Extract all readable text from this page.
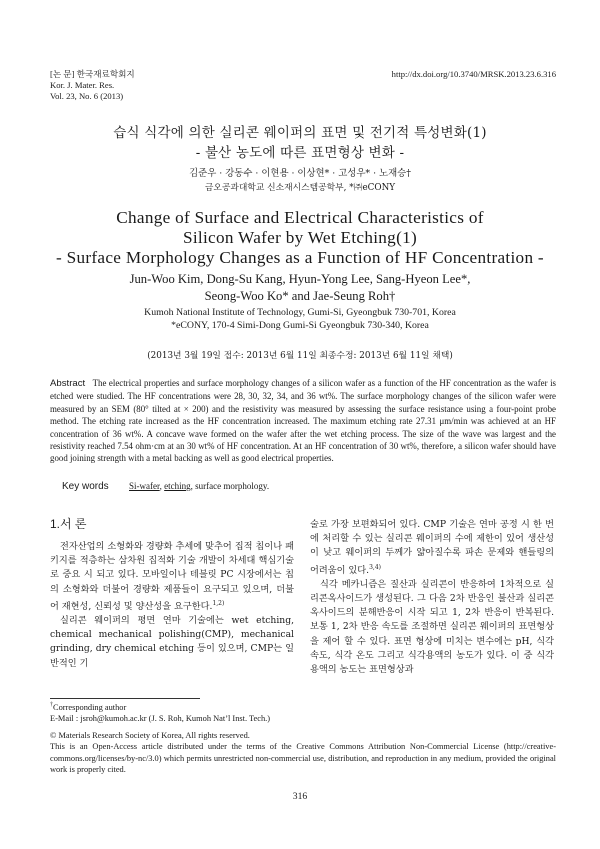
[논 문] 한국재료학회지
Kor. J. Mater. Res.
Vol. 23, No. 6 (2013)
http://dx.doi.org/10.3740/MRSK.2013.23.6.316
습식 식각에 의한 실리콘 웨이퍼의 표면 및 전기적 특성변화(1)
- 불산 농도에 따른 표면형상 변화 -
김준우 · 강동수 · 이현용 · 이상현* · 고성우* · 노재승†
금오공과대학교 신소재시스템공학부, *㈜eCONY
Change of Surface and Electrical Characteristics of
Silicon Wafer by Wet Etching(1)
- Surface Morphology Changes as a Function of HF Concentration -
Jun-Woo Kim, Dong-Su Kang, Hyun-Yong Lee, Sang-Hyeon Lee*,
Seong-Woo Ko* and Jae-Seung Roh†
Kumoh National Institute of Technology, Gumi-Si, Gyeongbuk 730-701, Korea
*eCONY, 170-4 Simi-Dong Gumi-Si Gyeongbuk 730-340, Korea
(2013년 3월 19일 접수: 2013년 6월 11일 최종수정: 2013년 6월 11일 채택)
Abstract The electrical properties and surface morphology changes of a silicon wafer as a function of the HF concentration as the wafer is etched were studied. The HF concentrations were 28, 30, 32, 34, and 36 wt%. The surface morphology changes of the silicon wafer were measured by an SEM (80° tilted at × 200) and the resistivity was measured by assessing the surface resistance using a four-point probe method. The etching rate increased as the HF concentration increased. The maximum etching rate 27.31 μm/min was achieved at an HF concentration of 36 wt%. A concave wave formed on the wafer after the wet etching process. The size of the wave was largest and the resistivity reached 7.54 ohm·cm at an 30 wt% of HF concentration. At an HF concentration of 30 wt%, therefore, a silicon wafer should have good joining strength with a metal backing as well as good electrical properties.
Key words Si-wafer, etching, surface morphology.
1.서 론

전자산업의 소형화와 경량화 추세에 맞추어 집적 칩이나 패키지를 적층하는 삼차원 집적화 기술 개발이 차세대 핵심기술로 중요 시 되고 있다. 모바일이나 테블릿 PC 시장에서는 칩의 소형화와 더불어 경량화 제품들이 요구되고 있으며, 더불어 재현성, 신뢰성 및 양산성을 요구한다.$^{1,2)}$

실리콘 웨이퍼의 평면 연마 기술에는 wet etching, chemical mechanical polishing(CMP), mechanical grinding, dry chemical etching 등이 있으며, CMP는 일반적인 기

술로 가장 보편화되어 있다. CMP 기술은 연마 공정 시 한 번에 처리할 수 있는 실리콘 웨이퍼의 수에 제한이 있어 생산성이 낮고 웨이퍼의 두께가 얇아질수록 파손 문제와 핸들링의 어려움이 있다.$^{3,4)}$

식각 메카니즘은 질산과 실리콘이 반응하여 1차적으로 실리콘옥사이드가 생성된다. 그 다음 2차 반응인 불산과 실리콘옥사이드의 분해반응이 시작 되고 1, 2차 반응이 반복된다. 보통 1, 2차 반응 속도를 조절하면 실리콘 웨이퍼의 표면형상을 제어 할 수 있다. 표면 형상에 미치는 변수에는 pH, 식각속도, 식각 온도 그리고 식각용액의 농도가 있다. 이 중 식각용액의 농도는 표면형상과

†Corresponding author
E-Mail : jsroh@kumoh.ac.kr (J. S. Roh, Kumoh Nat’l Inst. Tech.)
© Materials Research Society of Korea, All rights reserved.
This is an Open-Access article distributed under the terms of the Creative Commons Attribution Non-Commercial License (http://creative-commons.org/licenses/by-nc/3.0) which permits unrestricted non-commercial use, distribution, and reproduction in any medium, provided the original work is properly cited.
316
